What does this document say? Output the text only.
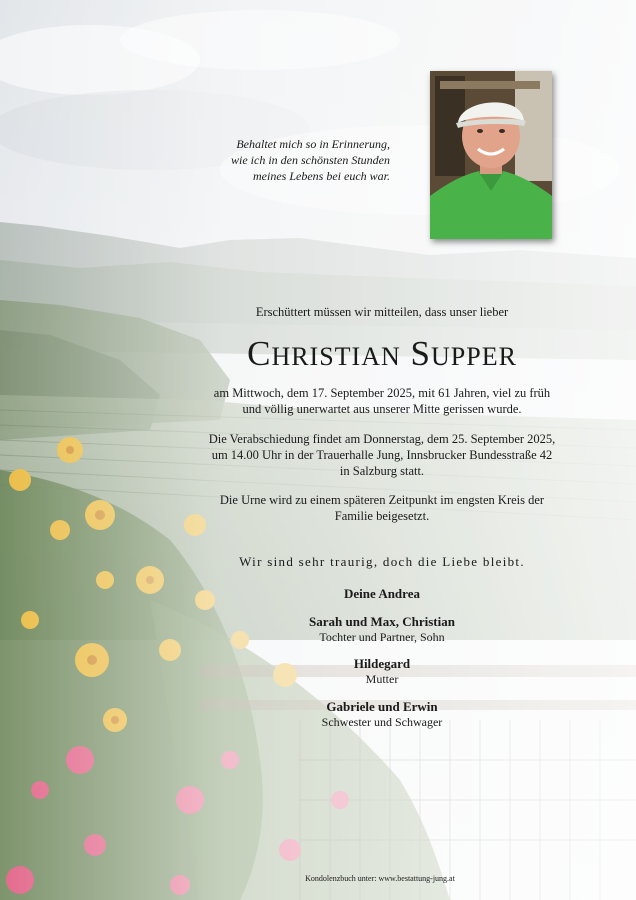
Behaltet mich so in Erinnerung,
wie ich in den schönsten Stunden
meines Lebens bei euch war.
Erschüttert müssen wir mitteilen, dass unser lieber
CHRISTIAN SUPPER
am Mittwoch, dem 17. September 2025, mit 61 Jahren, viel zu früh
und völlig unerwartet aus unserer Mitte gerissen wurde.
Die Verabschiedung findet am Donnerstag, dem 25. September 2025,
um 14.00 Uhr in der Trauerhalle Jung, Innsbrucker Bundesstraße 42
in Salzburg statt.
Die Urne wird zu einem späteren Zeitpunkt im engsten Kreis der
Familie beigesetzt.
Wir sind sehr traurig, doch die Liebe bleibt.
Deine Andrea
Sarah und Max, Christian
Tochter und Partner, Sohn
Hildegard
Mutter
Gabriele und Erwin
Schwester und Schwager
Kondolenzbuch unter: www.bestattung-jung.at
